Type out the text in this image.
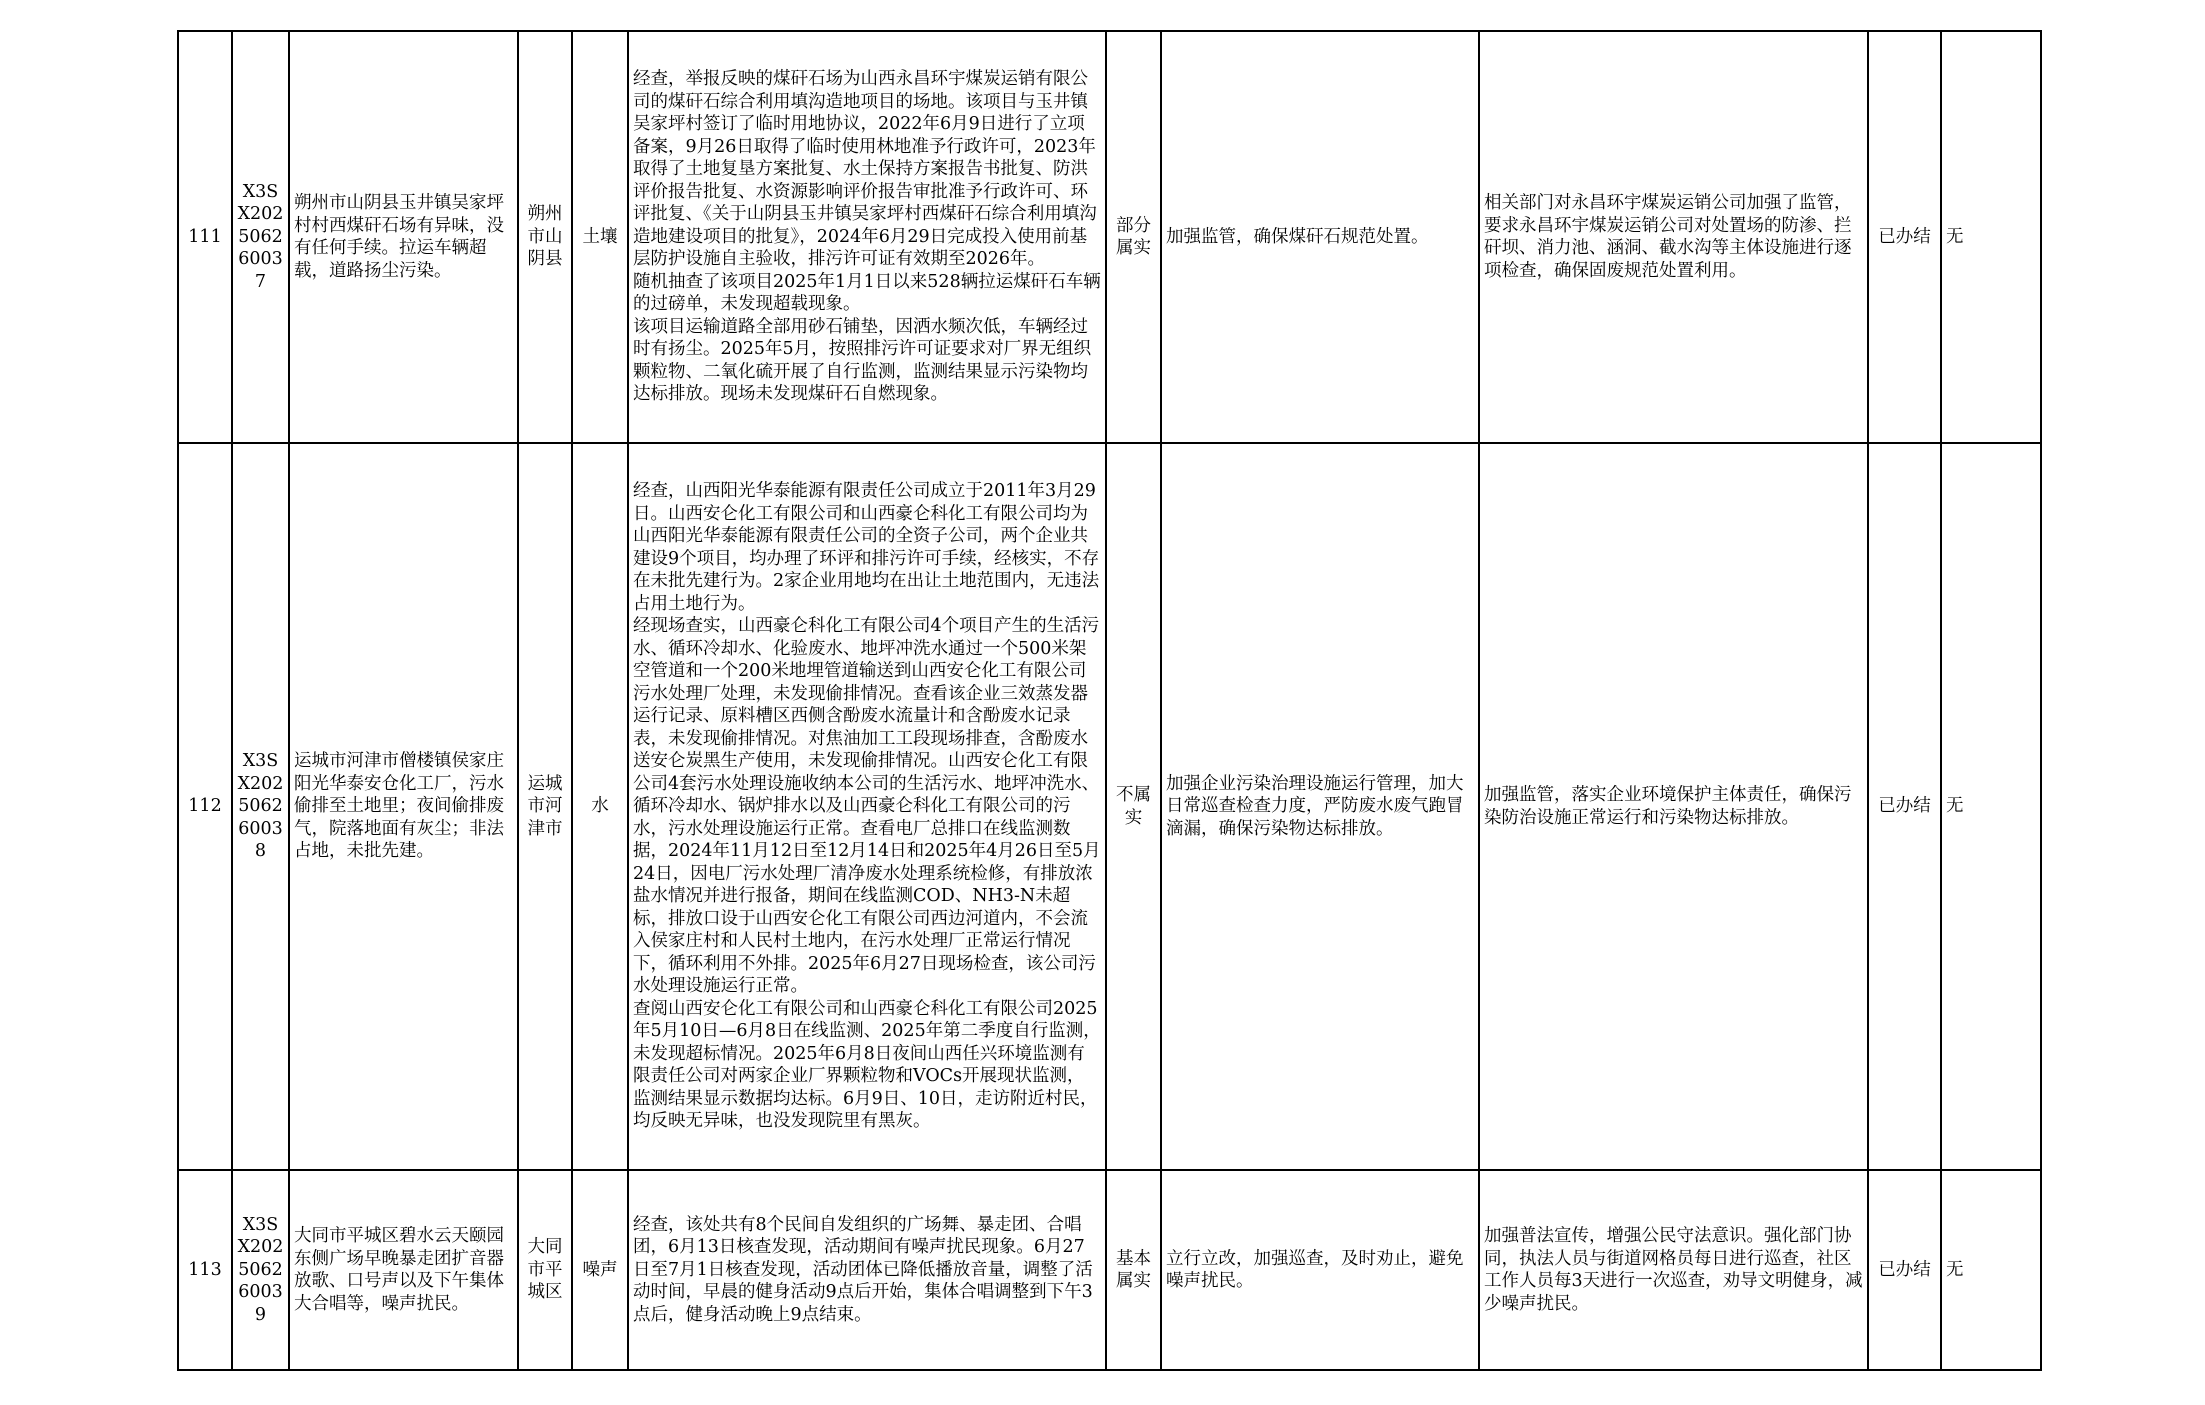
111	X3SX202506260037	朔州市山阴县玉井镇吴家坪村村西煤矸石场有异味，没有任何手续。拉运车辆超载，道路扬尘污染。	朔州市山阴县	土壤	经查，举报反映的煤矸石场为山西永昌环宇煤炭运销有限公司的煤矸石综合利用填沟造地项目的场地。该项目与玉井镇吴家坪村签订了临时用地协议，2022年6月9日进行了立项备案，9月26日取得了临时使用林地准予行政许可，2023年取得了土地复垦方案批复、水土保持方案报告书批复、防洪评价报告批复、水资源影响评价报告审批准予行政许可、环评批复、《关于山阴县玉井镇吴家坪村西煤矸石综合利用填沟造地建设项目的批复》，2024年6月29日完成投入使用前基层防护设施自主验收，排污许可证有效期至2026年。
随机抽查了该项目2025年1月1日以来528辆拉运煤矸石车辆的过磅单，未发现超载现象。
该项目运输道路全部用砂石铺垫，因洒水频次低，车辆经过时有扬尘。2025年5月，按照排污许可证要求对厂界无组织颗粒物、二氧化硫开展了自行监测，监测结果显示污染物均达标排放。现场未发现煤矸石自燃现象。	部分属实	加强监管，确保煤矸石规范处置。	相关部门对永昌环宇煤炭运销公司加强了监管，要求永昌环宇煤炭运销公司对处置场的防渗、拦矸坝、消力池、涵洞、截水沟等主体设施进行逐项检查，确保固废规范处置利用。	已办结	无
112	X3SX202506260038	运城市河津市僧楼镇侯家庄阳光华泰安仓化工厂，污水偷排至土地里；夜间偷排废气，院落地面有灰尘；非法占地，未批先建。	运城市河津市	水	经查，山西阳光华泰能源有限责任公司成立于2011年3月29日。山西安仑化工有限公司和山西豪仑科化工有限公司均为山西阳光华泰能源有限责任公司的全资子公司，两个企业共建设9个项目，均办理了环评和排污许可手续，经核实，不存在未批先建行为。2家企业用地均在出让土地范围内，无违法占用土地行为。
经现场查实，山西豪仑科化工有限公司4个项目产生的生活污水、循环冷却水、化验废水、地坪冲洗水通过一个500米架空管道和一个200米地埋管道输送到山西安仑化工有限公司污水处理厂处理，未发现偷排情况。查看该企业三效蒸发器运行记录、原料槽区西侧含酚废水流量计和含酚废水记录表，未发现偷排情况。对焦油加工工段现场排查，含酚废水送安仑炭黑生产使用，未发现偷排情况。山西安仑化工有限公司4套污水处理设施收纳本公司的生活污水、地坪冲洗水、循环冷却水、锅炉排水以及山西豪仑科化工有限公司的污水，污水处理设施运行正常。查看电厂总排口在线监测数据，2024年11月12日至12月14日和2025年4月26日至5月24日，因电厂污水处理厂清净废水处理系统检修，有排放浓盐水情况并进行报备，期间在线监测COD、NH3-N未超标，排放口设于山西安仑化工有限公司西边河道内，不会流入侯家庄村和人民村土地内，在污水处理厂正常运行情况下，循环利用不外排。2025年6月27日现场检查，该公司污水处理设施运行正常。
查阅山西安仑化工有限公司和山西豪仑科化工有限公司2025年5月10日—6月8日在线监测、2025年第二季度自行监测，未发现超标情况。2025年6月8日夜间山西任兴环境监测有限责任公司对两家企业厂界颗粒物和VOCs开展现状监测，监测结果显示数据均达标。6月9日、10日，走访附近村民，均反映无异味，也没发现院里有黑灰。	不属实	加强企业污染治理设施运行管理，加大日常巡查检查力度，严防废水废气跑冒滴漏，确保污染物达标排放。	加强监管，落实企业环境保护主体责任，确保污染防治设施正常运行和污染物达标排放。	已办结	无
113	X3SX202506260039	大同市平城区碧水云天颐园东侧广场早晚暴走团扩音器放歌、口号声以及下午集体大合唱等，噪声扰民。	大同市平城区	噪声	经查，该处共有8个民间自发组织的广场舞、暴走团、合唱团，6月13日核查发现，活动期间有噪声扰民现象。6月27日至7月1日核查发现，活动团体已降低播放音量，调整了活动时间，早晨的健身活动9点后开始，集体合唱调整到下午3点后，健身活动晚上9点结束。	基本属实	立行立改，加强巡查，及时劝止，避免噪声扰民。	加强普法宣传，增强公民守法意识。强化部门协同，执法人员与街道网格员每日进行巡查，社区工作人员每3天进行一次巡查，劝导文明健身，减少噪声扰民。	已办结	无
